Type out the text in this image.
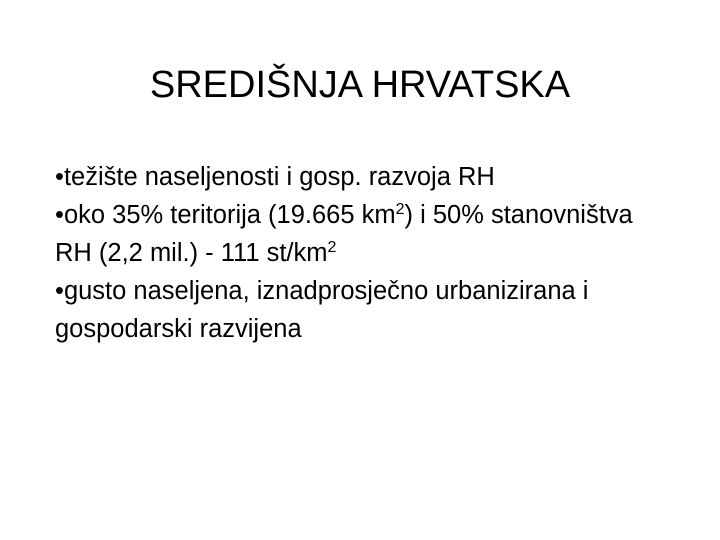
SREDIŠNJA HRVATSKA

•težište naseljenosti i gosp. razvoja RH

•oko 35% teritorija (19.665 $km^2$) i 50% stanovništva RH (2,2 mil.) - 111 $st/km^2$

•gusto naseljena, iznadprosječno urbanizirana i gospodarski razvijena
